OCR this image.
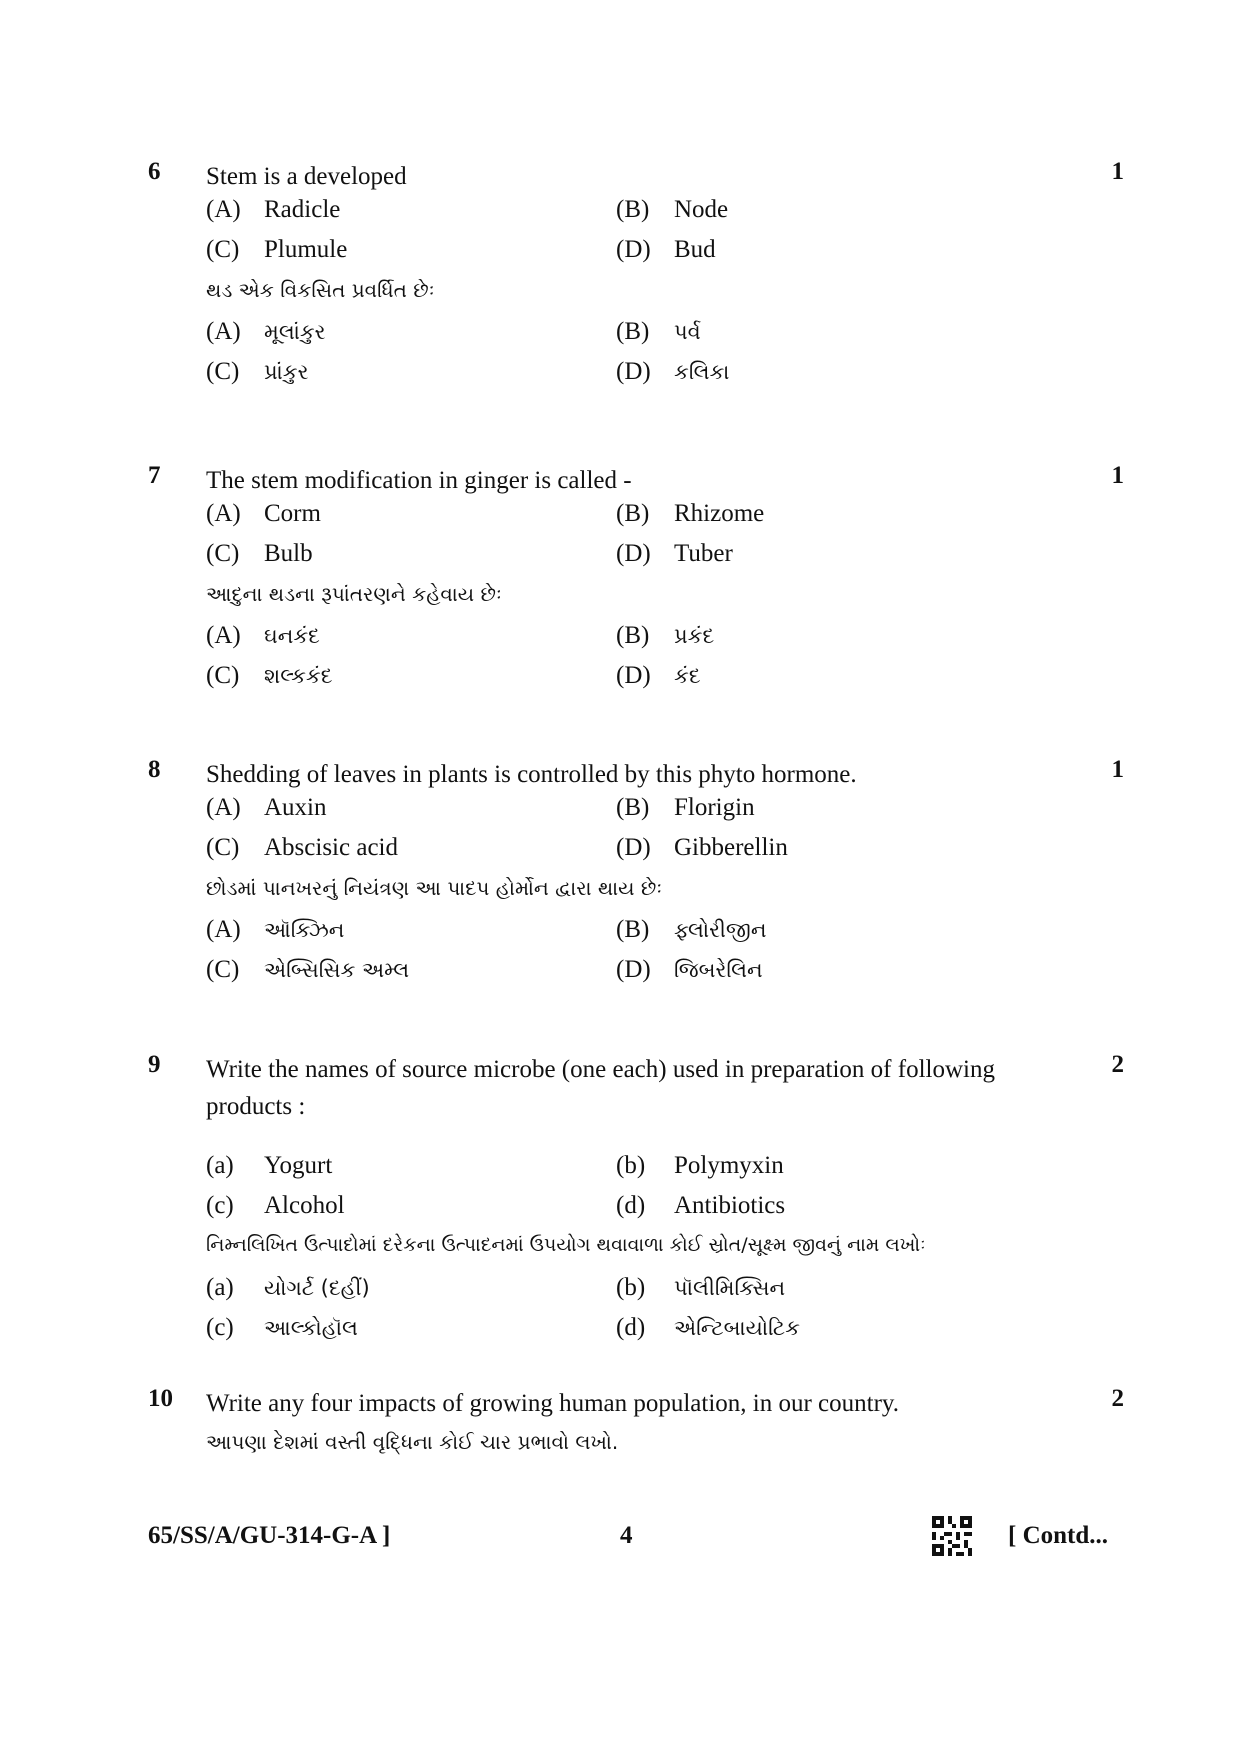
6 Stem is a developed	1
(A) Radicle	(B) Node
(C) Plumule	(D) Bud
થડ એક વિકસિત પ્રવર્ધિત છેઃ
(A) મૂલાંકુર	(B) પર્વ
(C) પ્રાંકુર	(D) કલિકા
7 The stem modification in ginger is called -	1
(A) Corm	(B) Rhizome
(C) Bulb	(D) Tuber
આદુના થડના રૂપાંતરણને કહેવાય છેઃ
(A) ઘનકંદ	(B) પ્રકંદ
(C) શલ્કકંદ	(D) કંદ
8 Shedding of leaves in plants is controlled by this phyto hormone.	1
(A) Auxin	(B) Florigin
(C) Abscisic acid	(D) Gibberellin
છોડમાં પાનખરનું નિયંત્રણ આ પાદપ હોર્મોન દ્વારા થાય છેઃ
(A) ઑક્ઝિન	(B) ફ્લોરીજીન
(C) એબ્સિસિક અમ્લ	(D) જિબરેલિન
9 Write the names of source microbe (one each) used in preparation of following products :
2
(a) Yogurt	(b) Polymyxin
(c) Alcohol	(d) Antibiotics
નિમ્નલિખિત ઉત્પાદોમાં દરેકના ઉત્પાદનમાં ઉપયોગ થવાવાળા કોઈ સ્રોત/સૂક્ષ્મ જીવનું નામ લખોઃ
(a) યોગર્ટ (દહીં)	(b) પૉલીમિક્સિન
(c) આલ્કોહૉલ	(d) એન્ટિબાયોટિક
10 Write any four impacts of growing human population, in our country.	2
આપણા દેશમાં વસ્તી વૃદ્ધિના કોઈ ચાર પ્રભાવો લખો.
65/SS/A/GU-314-G-A ]	4	[ Contd...
